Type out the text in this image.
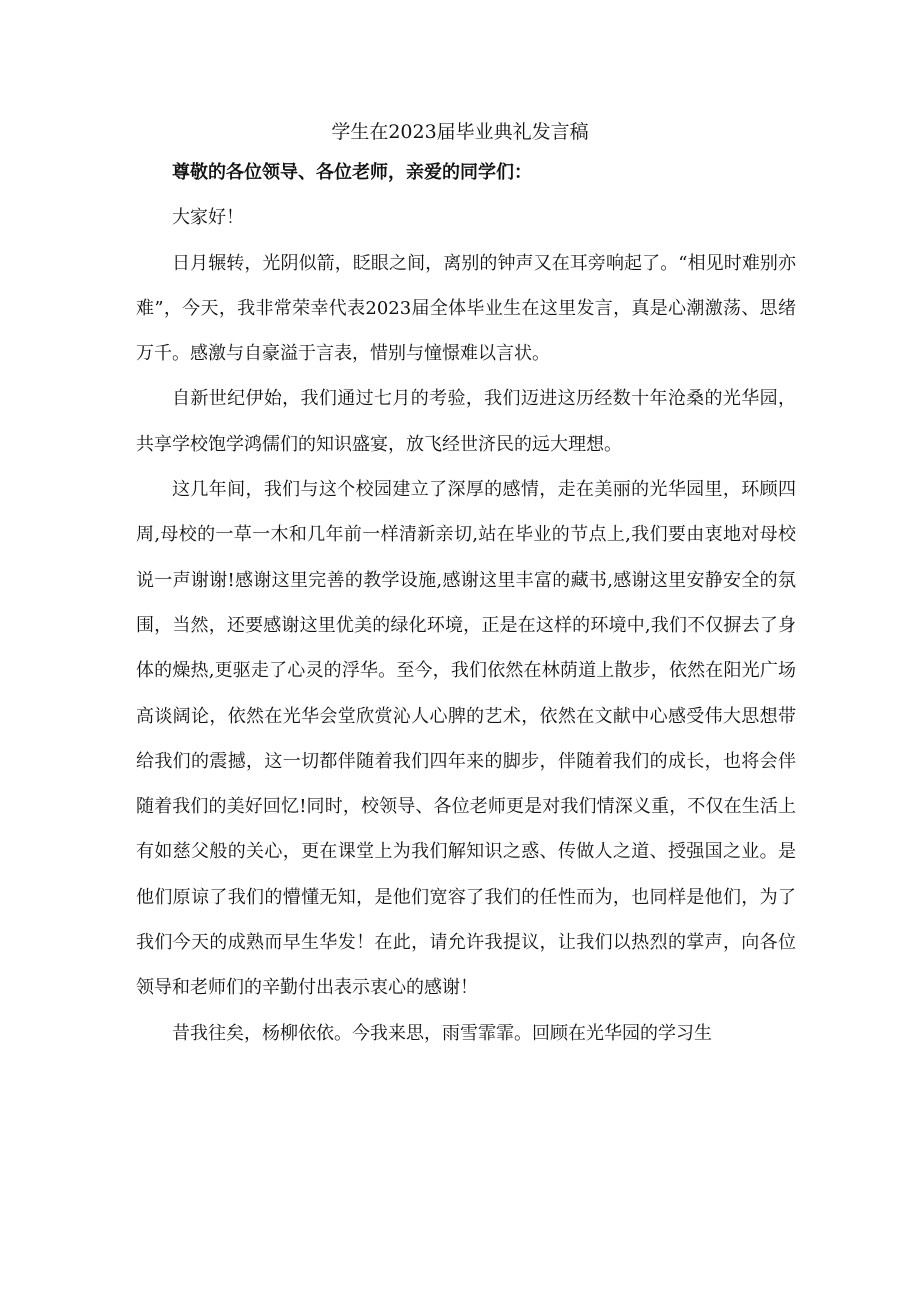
学生在2023届毕业典礼发言稿

尊敬的各位领导、各位老师，亲爱的同学们：

大家好！

日月辗转，光阴似箭，眨眼之间，离别的钟声又在耳旁响起了。“相见时难别亦难”，今天，我非常荣幸代表2023届全体毕业生在这里发言，真是心潮激荡、思绪万千。感激与自豪溢于言表，惜别与憧憬难以言状。

自新世纪伊始，我们通过七月的考验，我们迈进这历经数十年沧桑的光华园，共享学校饱学鸿儒们的知识盛宴，放飞经世济民的远大理想。

这几年间，我们与这个校园建立了深厚的感情，走在美丽的光华园里，环顾四周,母校的一草一木和几年前一样清新亲切,站在毕业的节点上,我们要由衷地对母校说一声谢谢!感谢这里完善的教学设施,感谢这里丰富的藏书,感谢这里安静安全的氛围，当然，还要感谢这里优美的绿化环境，正是在这样的环境中,我们不仅摒去了身体的燥热,更驱走了心灵的浮华。至今，我们依然在林荫道上散步，依然在阳光广场高谈阔论，依然在光华会堂欣赏沁人心脾的艺术，依然在文献中心感受伟大思想带给我们的震撼，这一切都伴随着我们四年来的脚步，伴随着我们的成长，也将会伴随着我们的美好回忆!同时，校领导、各位老师更是对我们情深义重，不仅在生活上有如慈父般的关心，更在课堂上为我们解知识之惑、传做人之道、授强国之业。是他们原谅了我们的懵懂无知，是他们宽容了我们的任性而为，也同样是他们，为了我们今天的成熟而早生华发！在此，请允许我提议，让我们以热烈的掌声，向各位领导和老师们的辛勤付出表示衷心的感谢！

昔我往矣，杨柳依依。今我来思，雨雪霏霏。回顾在光华园的学习生
